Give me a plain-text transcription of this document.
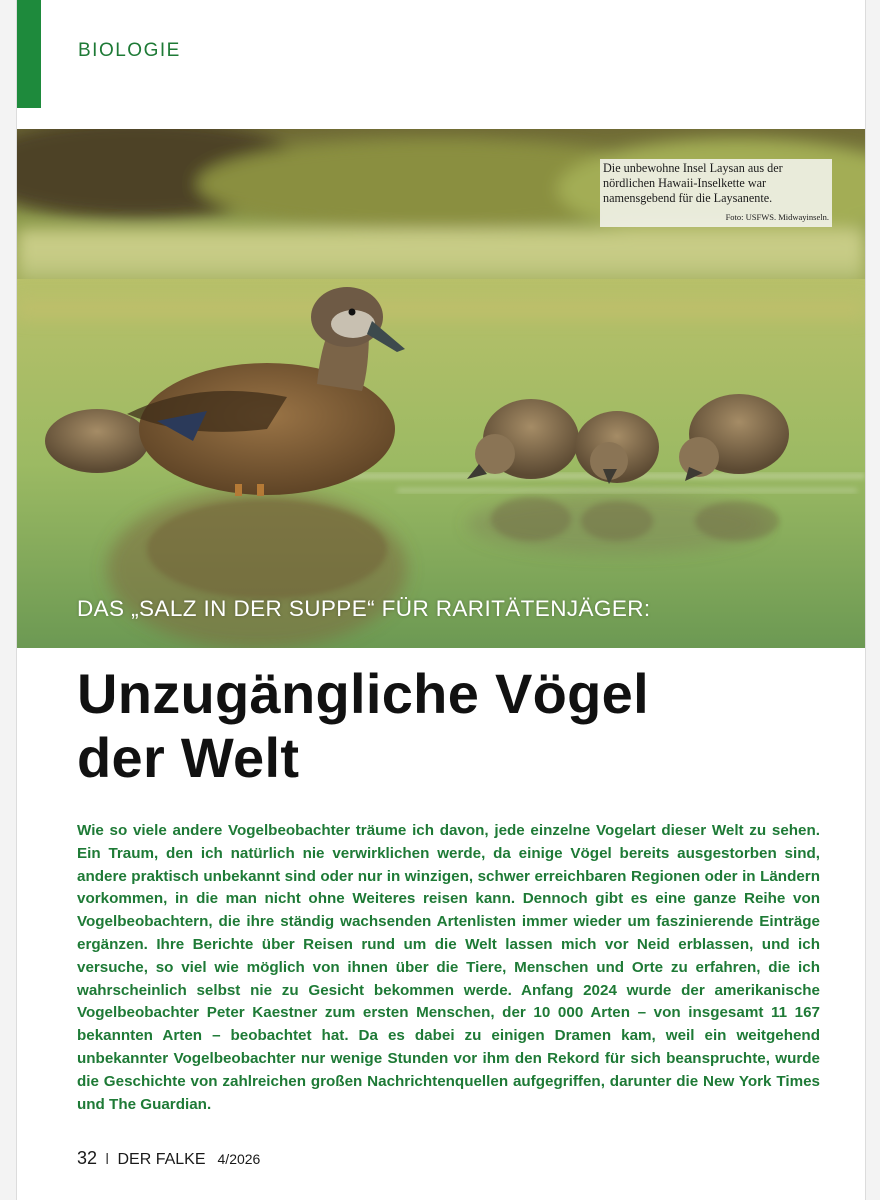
BIOLOGIE
Die unbewohne Insel Laysan aus der nördlichen Hawaii-Inselkette war namensgebend für die Laysanente.
Foto: USFWS. Midwayinseln.
DAS „SALZ IN DER SUPPE“ FÜR RARITÄTENJÄGER:
Unzugängliche Vögel
der Welt
Wie so viele andere Vogelbeobachter träume ich davon, jede einzelne Vogelart dieser Welt zu sehen. Ein Traum, den ich natürlich nie verwirklichen werde, da einige Vögel bereits ausgestorben sind, andere praktisch unbekannt sind oder nur in winzigen, schwer erreichbaren Regionen oder in Ländern vorkommen, in die man nicht ohne Weiteres reisen kann. Dennoch gibt es eine ganze Reihe von Vogelbeobachtern, die ihre ständig wachsenden Artenlisten immer wieder um faszinierende Einträge ergänzen. Ihre Berichte über Reisen rund um die Welt lassen mich vor Neid erblassen, und ich versuche, so viel wie möglich von ihnen über die Tiere, Menschen und Orte zu erfahren, die ich wahrscheinlich selbst nie zu Gesicht bekommen werde. Anfang 2024 wurde der amerikanische Vogelbeobachter Peter Kaestner zum ersten Menschen, der 10 000 Arten – von insgesamt 11 167 bekannten Arten – beobachtet hat. Da es dabei zu einigen Dramen kam, weil ein weitgehend unbekannter Vogelbeobachter nur wenige Stunden vor ihm den Rekord für sich beanspruchte, wurde die Geschichte von zahlreichen großen Nachrichtenquellen aufgegriffen, darunter die New York Times und The Guardian.
32 I DER FALKE 4/2026
